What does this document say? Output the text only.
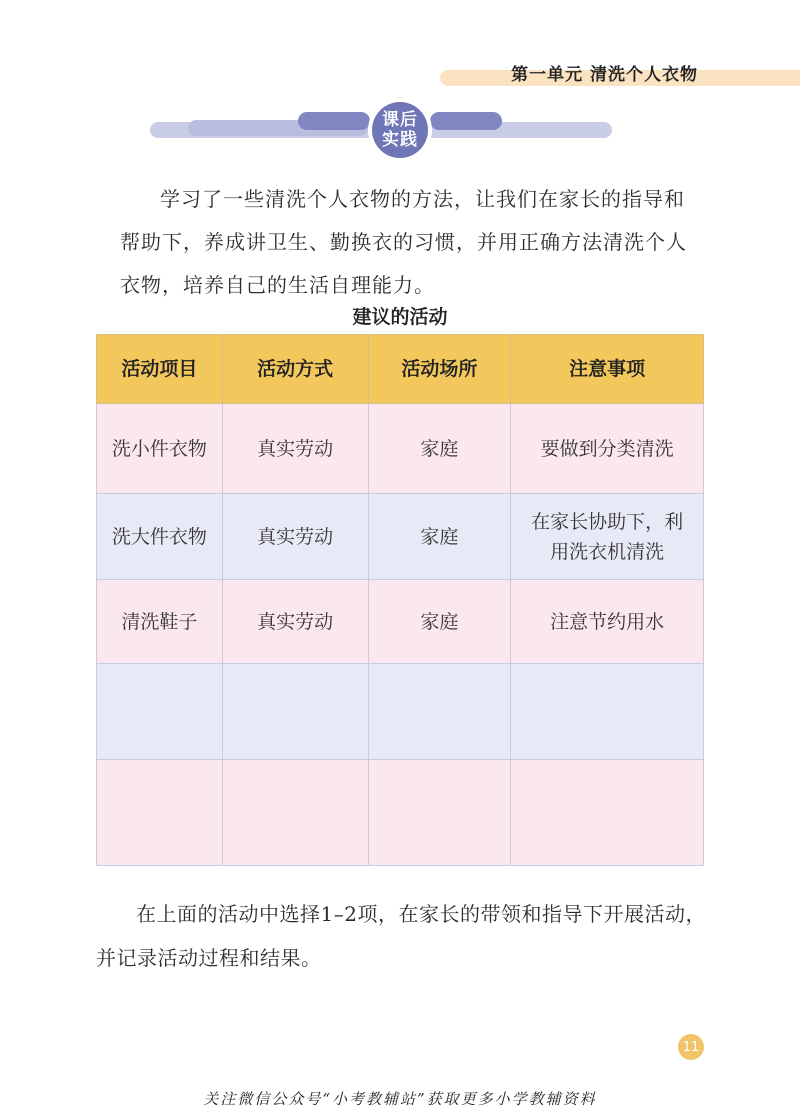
第一单元 清洗个人衣物
课后
实践

学习了一些清洗个人衣物的方法，让我们在家长的指导和帮助下，养成讲卫生、勤换衣的习惯，并用正确方法清洗个人衣物，培养自己的生活自理能力。

建议的活动
活动项目	活动方式	活动场所	注意事项
洗小件衣物	真实劳动	家庭	要做到分类清洗
洗大件衣物	真实劳动	家庭	在家长协助下，利用洗衣机清洗
清洗鞋子	真实劳动	家庭	注意节约用水

在上面的活动中选择1–2项，在家长的带领和指导下开展活动，并记录活动过程和结果。

11
关注微信公众号“小考教辅站”获取更多小学教辅资料
